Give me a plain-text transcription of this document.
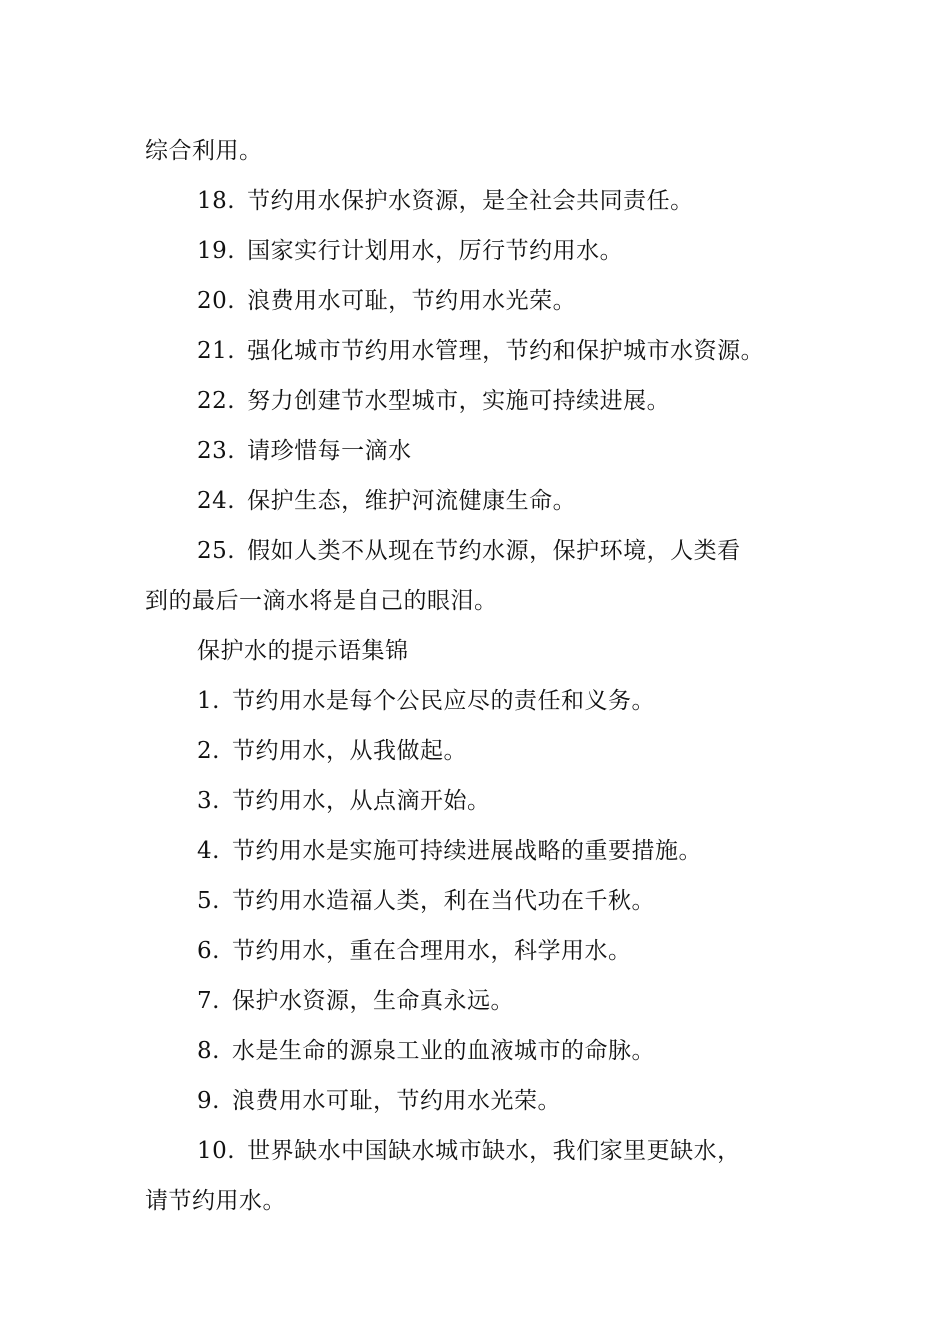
综合利用。
18. 节约用水保护水资源，是全社会共同责任。
19. 国家实行计划用水，厉行节约用水。
20. 浪费用水可耻，节约用水光荣。
21. 强化城市节约用水管理，节约和保护城市水资源。
22. 努力创建节水型城市，实施可持续进展。
23. 请珍惜每一滴水
24. 保护生态，维护河流健康生命。
25. 假如人类不从现在节约水源，保护环境，人类看
到的最后一滴水将是自己的眼泪。
保护水的提示语集锦
1. 节约用水是每个公民应尽的责任和义务。
2. 节约用水，从我做起。
3. 节约用水，从点滴开始。
4. 节约用水是实施可持续进展战略的重要措施。
5. 节约用水造福人类，利在当代功在千秋。
6. 节约用水，重在合理用水，科学用水。
7. 保护水资源，生命真永远。
8. 水是生命的源泉工业的血液城市的命脉。
9. 浪费用水可耻，节约用水光荣。
10. 世界缺水中国缺水城市缺水，我们家里更缺水，
请节约用水。
